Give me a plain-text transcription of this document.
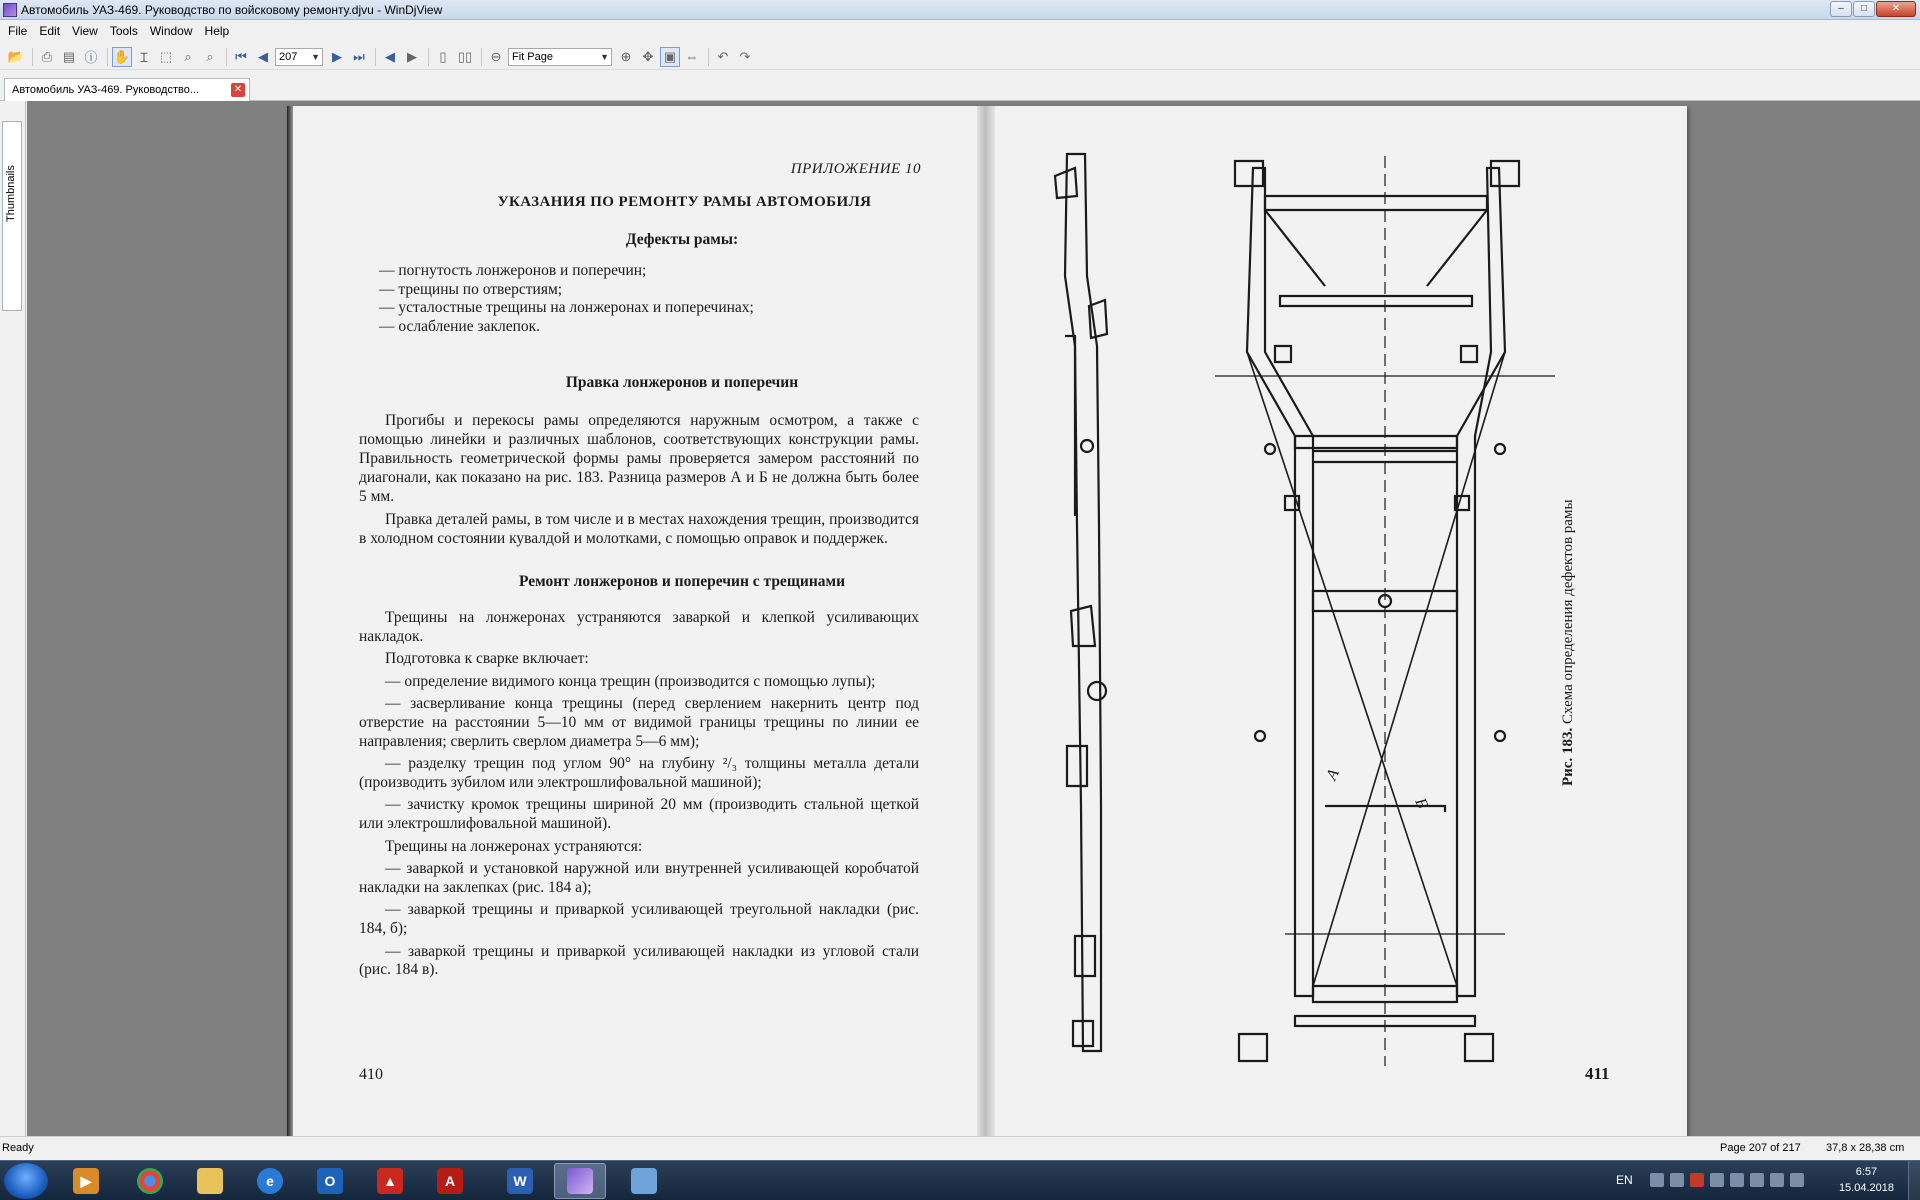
Автомобиль УАЗ-469. Руководство по войсковому ремонту.djvu - WinDjView	‒	□	✕
File	Edit	View	Tools	Window	Help
📂	⎙ ▤ ⓘ ✋ Ɪ ⬚ ⌕	⌕	⏮ ◀	207 ▼ ▶ ⏭	◀ ▶	▯ ▯▯	⊖ Fit Page	▼ ⊕ ✥ ▣ ⇔	↶ ↷
Автомобиль УАЗ-469. Руководство...	✕
Thumbnails	ПРИЛОЖЕНИЕ 10
УКАЗАНИЯ ПО РЕМОНТУ РАМЫ АВТОМОБИЛЯ
Дефекты рамы:
— погнутость лонжеронов и поперечин;
— трещины по отверстиям;
— усталостные трещины на лонжеронах и поперечинах;
— ослабление заклепок.
Правка лонжеронов и поперечин

Прогибы и перекосы рамы определяются наружным осмотром, а также с помощью линейки и различных шаблонов, соответствующих конструкции рамы. Правильность геометрической формы рамы проверяется замером расстояний по диагонали, как показано на рис. 183. Разница размеров А и Б не должна быть более 5 мм.

Правка деталей рамы, в том числе и в местах нахождения трещин, производится в холодном состоянии кувалдой и молотками, с помощью оправок и поддержек.

Ремонт лонжеронов и поперечин с трещинами

Трещины на лонжеронах устраняются заваркой и клепкой усиливающих накладок.

Подготовка к сварке включает:

— определение видимого конца трещин (производится с помощью лупы);

— засверливание конца трещины (перед сверлением накернить центр под отверстие на расстоянии 5—10 мм от видимой границы трещины по линии ее направления; сверлить сверлом диаметра 5—6 мм);

— разделку трещин под углом 90° на глубину ²/₃ толщины металла детали (производить зубилом или электрошлифовальной машиной);

— зачистку кромок трещины шириной 20 мм (производить стальной щеткой или электрошлифовальной машиной).

Трещины на лонжеронах устраняются:

— заваркой и установкой наружной или внутренней усиливающей коробчатой накладки на заклепках (рис. 184 а);

— заваркой трещины и приваркой усиливающей треугольной накладки (рис. 184, б);

— заваркой трещины и приваркой усиливающей накладки из угловой стали (рис. 184 в).

410
А
Б
Рис. 183. Схема определения дефектов рамы
411
Ready	Page 207 of 217 37,8 x 28,38 cm
▶	e	O	▲	A	W	EN
6:57
15.04.2018
